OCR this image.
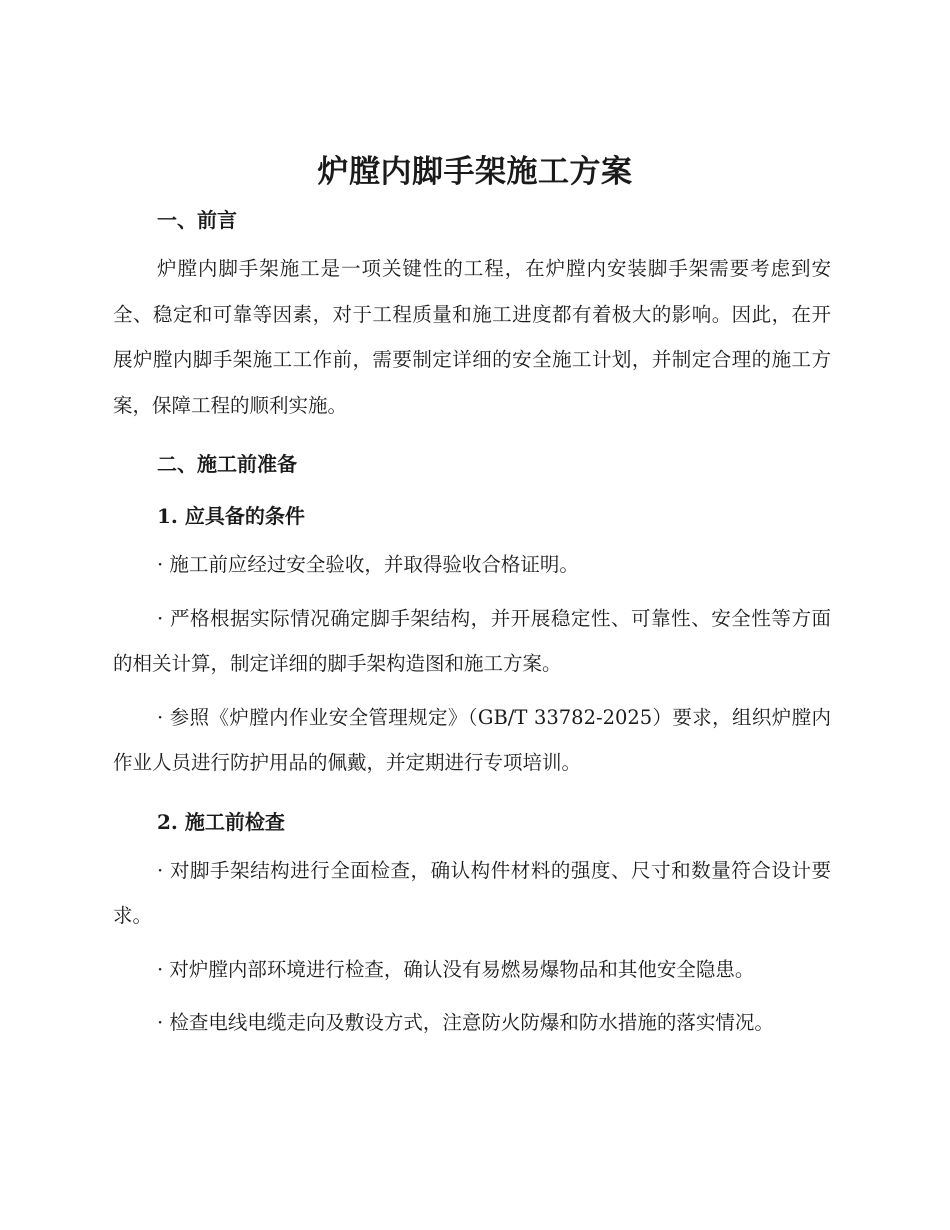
炉膛内脚手架施工方案
一、前言

炉膛内脚手架施工是一项关键性的工程，在炉膛内安装脚手架需要考虑到安全、稳定和可靠等因素，对于工程质量和施工进度都有着极大的影响。因此，在开展炉膛内脚手架施工工作前，需要制定详细的安全施工计划，并制定合理的施工方案，保障工程的顺利实施。

二、施工前准备
1. 应具备的条件

· 施工前应经过安全验收，并取得验收合格证明。

· 严格根据实际情况确定脚手架结构，并开展稳定性、可靠性、安全性等方面的相关计算，制定详细的脚手架构造图和施工方案。

· 参照《炉膛内作业安全管理规定》（GB/T 33782-2025）要求，组织炉膛内作业人员进行防护用品的佩戴，并定期进行专项培训。

2. 施工前检查

· 对脚手架结构进行全面检查，确认构件材料的强度、尺寸和数量符合设计要求。

· 对炉膛内部环境进行检查，确认没有易燃易爆物品和其他安全隐患。

· 检查电线电缆走向及敷设方式，注意防火防爆和防水措施的落实情况。
